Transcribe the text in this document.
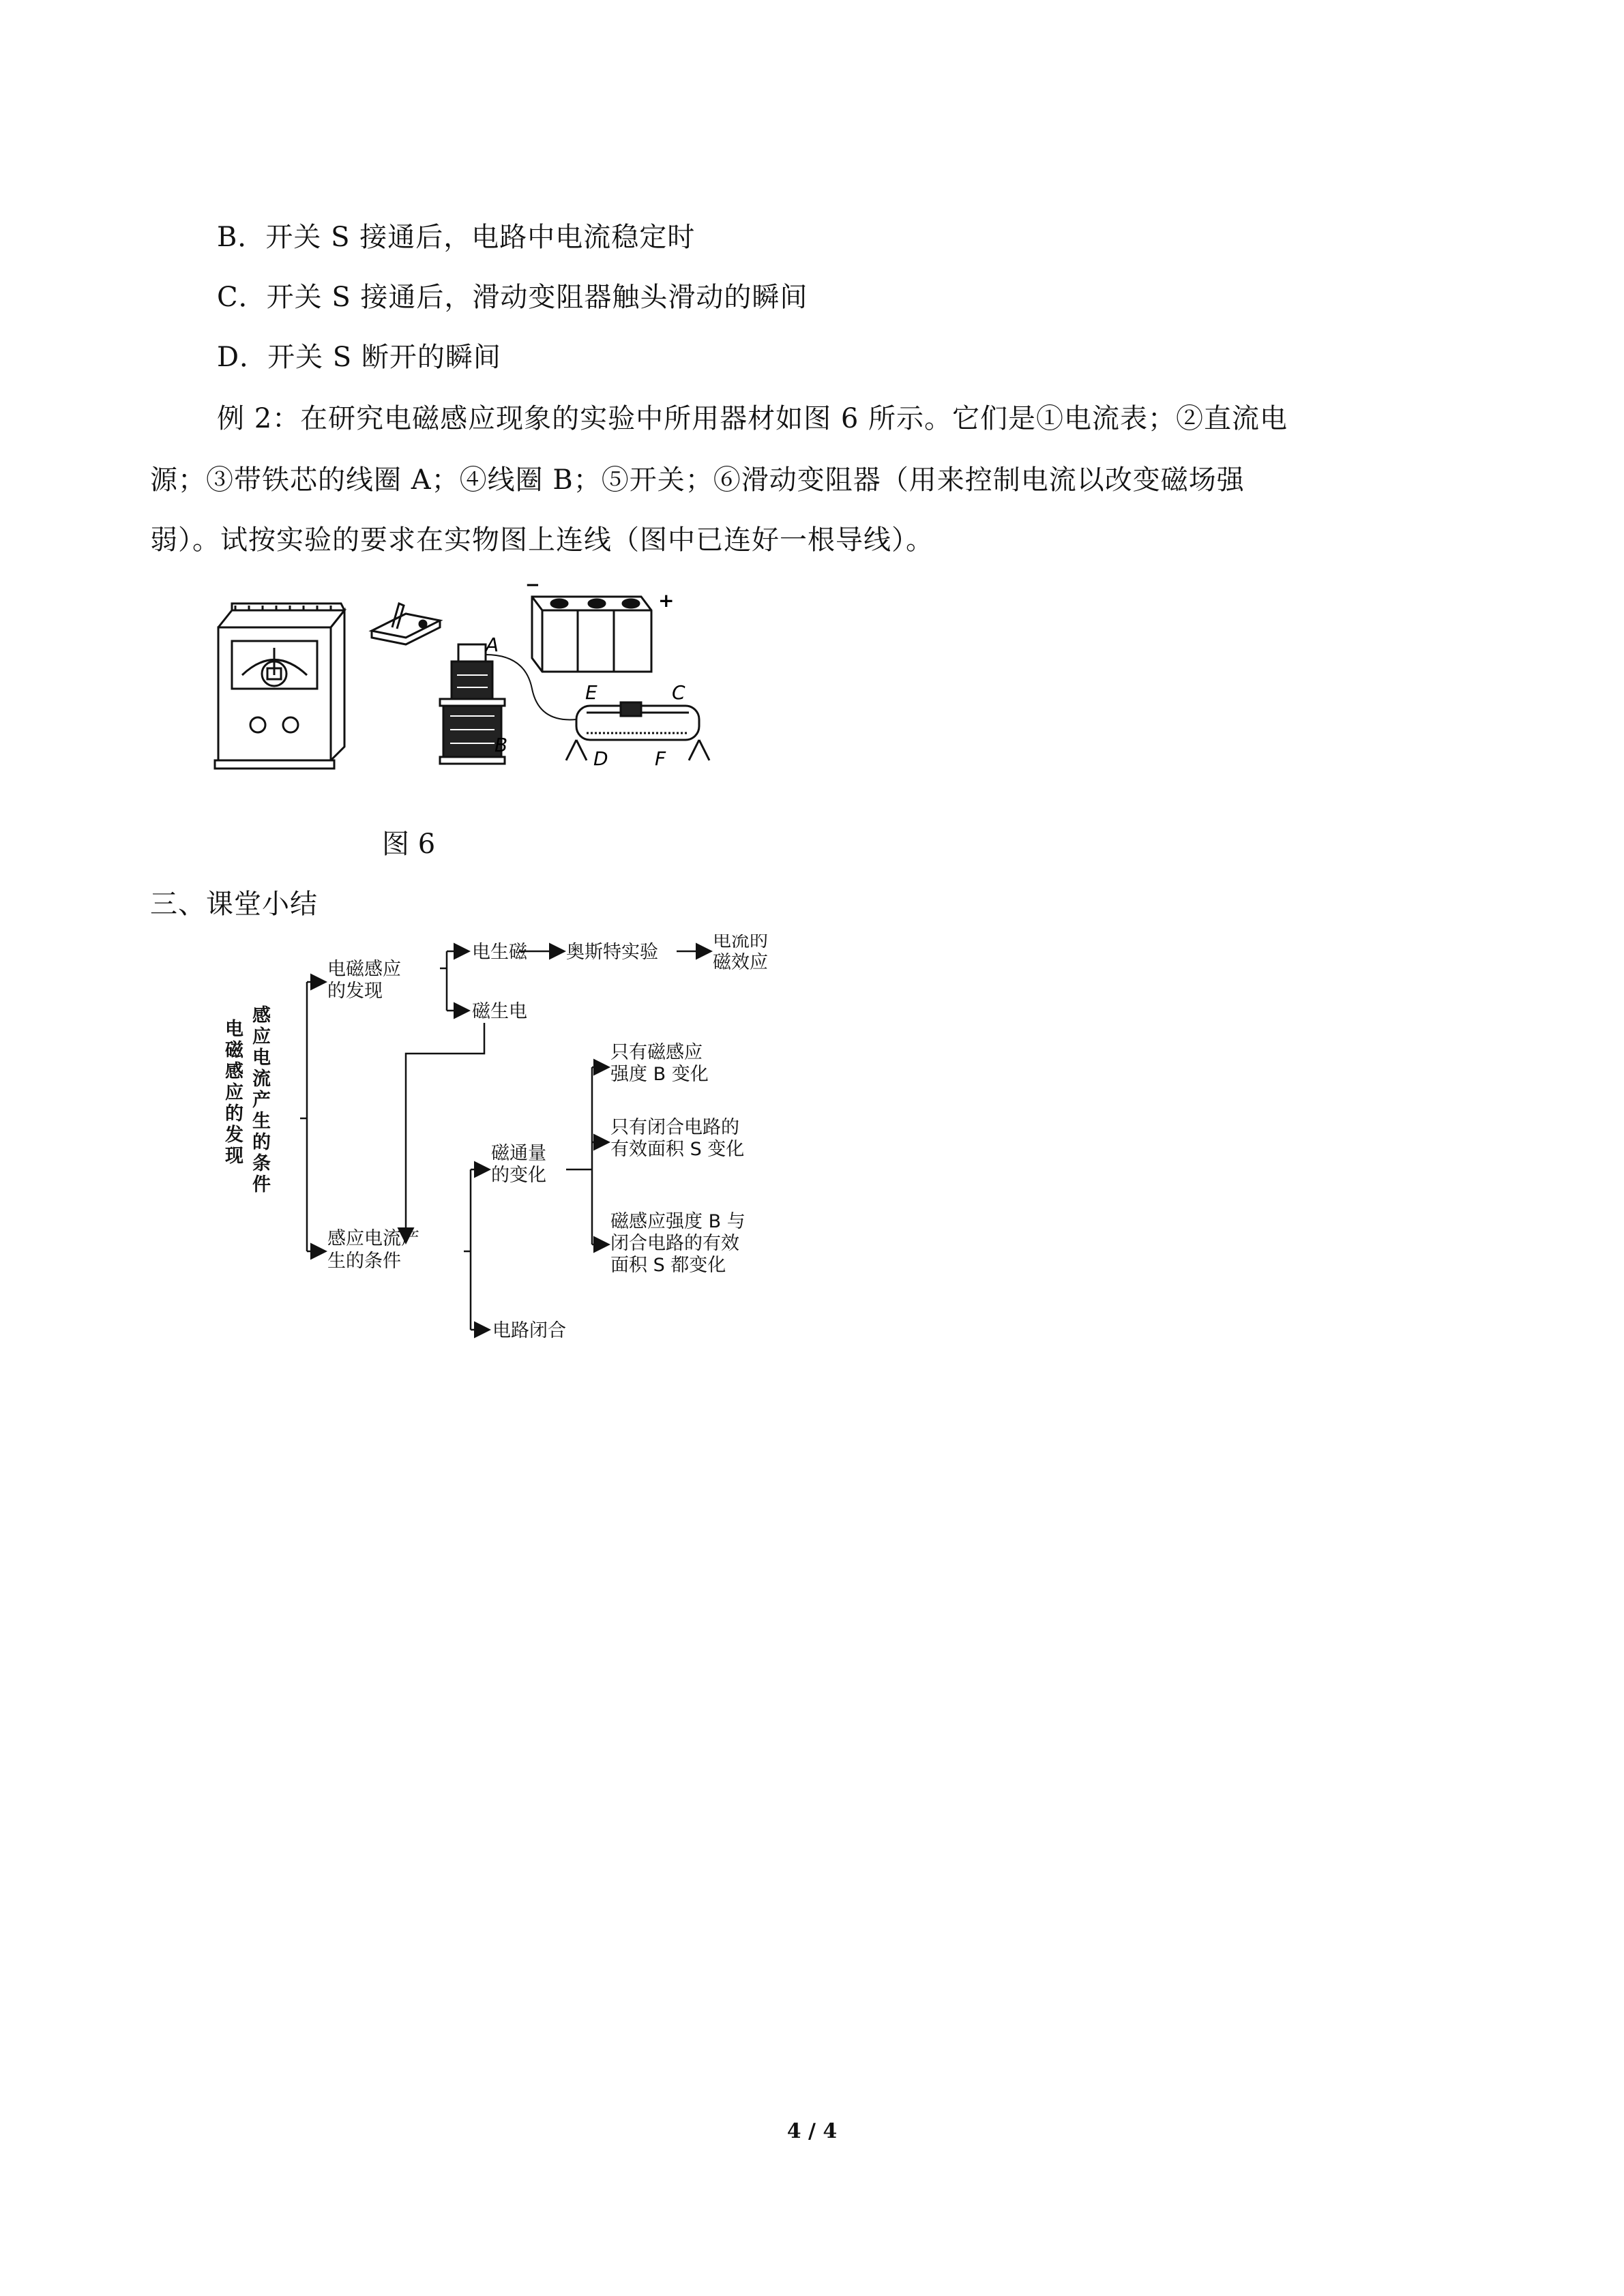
B．开关 S 接通后，电路中电流稳定时
C．开关 S 接通后，滑动变阻器触头滑动的瞬间
D．开关 S 断开的瞬间
例 2：在研究电磁感应现象的实验中所用器材如图 6 所示。它们是①电流表；②直流电
源；③带铁芯的线圈 A；④线圈 B；⑤开关；⑥滑动变阻器（用来控制电流以改变磁场强
弱）。试按实验的要求在实物图上连线（图中已连好一根导线）。
−
+
A
B
E	C
D F
图 6
三、课堂小结
电
磁
感
应
的
发
现
感
应
电
流
产
生
的
条
件
电磁感应
的发现
电生磁 奥斯特实验
电流的
磁效应
磁生电
感应电流产
生的条件
磁通量
的变化
只有磁感应
强度 B 变化
只有闭合电路的
有效面积 S 变化
磁感应强度 B 与
闭合电路的有效
面积 S 都变化
电路闭合
4 / 4
